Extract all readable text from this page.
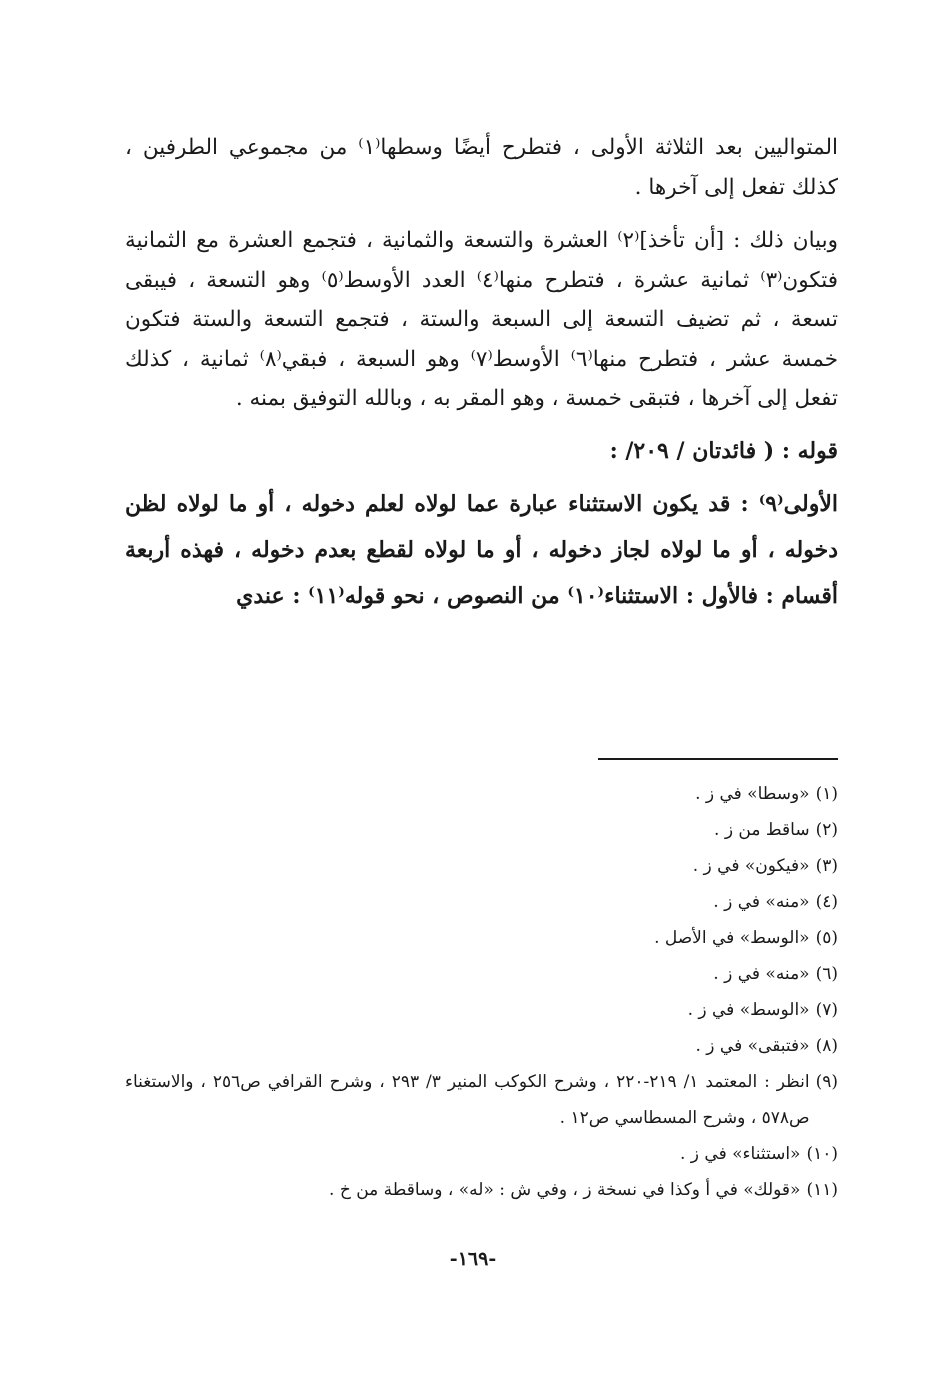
المتواليين بعد الثلاثة الأولى ، فتطرح أيضًا وسطها⁽١⁾ من مجموعي الطرفين ، كذلك تفعل إلى آخرها .

وبيان ذلك : [أن تأخذ]⁽٢⁾ العشرة والتسعة والثمانية ، فتجمع العشرة مع الثمانية فتكون⁽٣⁾ ثمانية عشرة ، فتطرح منها⁽٤⁾ العدد الأوسط⁽٥⁾ وهو التسعة ، فيبقى تسعة ، ثم تضيف التسعة إلى السبعة والستة ، فتجمع التسعة والستة فتكون خمسة عشر ، فتطرح منها⁽٦⁾ الأوسط⁽٧⁾ وهو السبعة ، فبقي⁽٨⁾ ثمانية ، كذلك تفعل إلى آخرها ، فتبقى خمسة ، وهو المقر به ، وبالله التوفيق بمنه .

قوله : ( فائدتان / ٢٠٩/ :
الأولى⁽٩⁾ : قد يكون الاستثناء عبارة عما لولاه لعلم دخوله ، أو ما لولاه لظن دخوله ، أو ما لولاه لجاز دخوله ، أو ما لولاه لقطع بعدم دخوله ، فهذه أربعة أقسام : فالأول : الاستثناء⁽١٠⁾ من النصوص ، نحو قوله⁽١١⁾ : عندي
(١)
«وسطا» في ز .
(٢)
ساقط من ز .
(٣)
«فيكون» في ز .
(٤)
«منه» في ز .
(٥)
«الوسط» في الأصل .
(٦)
«منه» في ز .
(٧)
«الوسط» في ز .
(٨)
«فتبقى» في ز .
(٩)
انظر : المعتمد ١/ ٢١٩-٢٢٠ ، وشرح الكوكب المنير ٣/ ٢٩٣ ، وشرح القرافي ص٢٥٦ ، والاستغناء ص٥٧٨ ، وشرح المسطاسي ص١٢ .
(١٠)
«استثناء» في ز .
(١١)
«قولك» في أ وكذا في نسخة ز ، وفي ش : «له» ، وساقطة من خ .
-١٦٩-
